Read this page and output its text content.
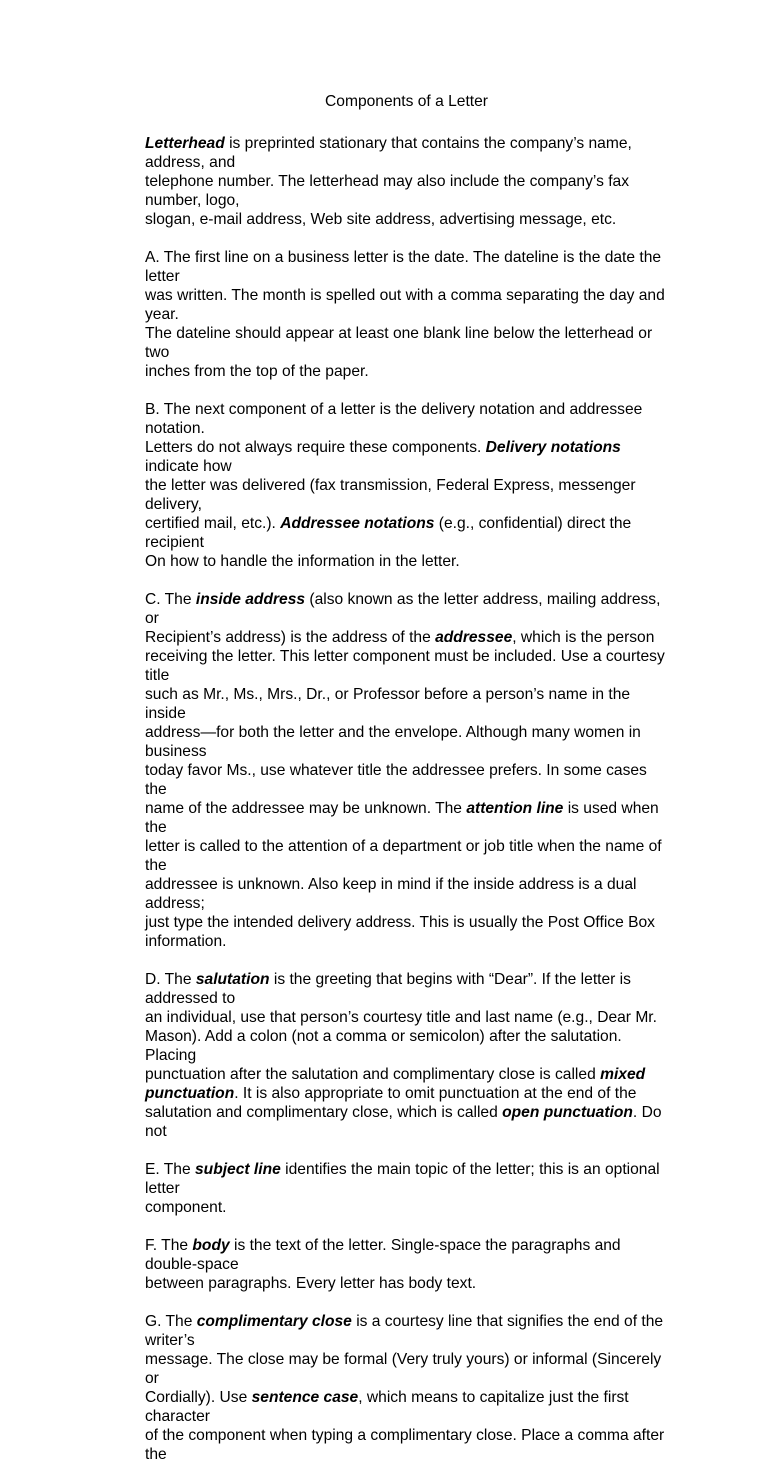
Components of a Letter
Letterhead is preprinted stationary that contains the company’s name, address, and
telephone number. The letterhead may also include the company’s fax number, logo,
slogan, e-mail address, Web site address, advertising message, etc.
A. The first line on a business letter is the date. The dateline is the date the letter
was written. The month is spelled out with a comma separating the day and year.
The dateline should appear at least one blank line below the letterhead or two
inches from the top of the paper.
B. The next component of a letter is the delivery notation and addressee notation.
Letters do not always require these components. Delivery notations indicate how
the letter was delivered (fax transmission, Federal Express, messenger delivery,
certified mail, etc.). Addressee notations (e.g., confidential) direct the recipient
On how to handle the information in the letter.
C. The inside address (also known as the letter address, mailing address, or
Recipient’s address) is the address of the addressee, which is the person
receiving the letter. This letter component must be included. Use a courtesy title
such as Mr., Ms., Mrs., Dr., or Professor before a person’s name in the inside
address—for both the letter and the envelope. Although many women in business
today favor Ms., use whatever title the addressee prefers. In some cases the
name of the addressee may be unknown. The attention line is used when the
letter is called to the attention of a department or job title when the name of the
addressee is unknown. Also keep in mind if the inside address is a dual address;
just type the intended delivery address. This is usually the Post Office Box
information.
D. The salutation is the greeting that begins with “Dear”. If the letter is addressed to
an individual, use that person’s courtesy title and last name (e.g., Dear Mr.
Mason). Add a colon (not a comma or semicolon) after the salutation. Placing
punctuation after the salutation and complimentary close is called mixed
punctuation. It is also appropriate to omit punctuation at the end of the
salutation and complimentary close, which is called open punctuation. Do not
E. The subject line identifies the main topic of the letter; this is an optional letter
component.
F. The body is the text of the letter. Single-space the paragraphs and double-space
between paragraphs. Every letter has body text.
G. The complimentary close is a courtesy line that signifies the end of the writer’s
message. The close may be formal (Very truly yours) or informal (Sincerely or
Cordially). Use sentence case, which means to capitalize just the first character
of the component when typing a complimentary close. Place a comma after the
